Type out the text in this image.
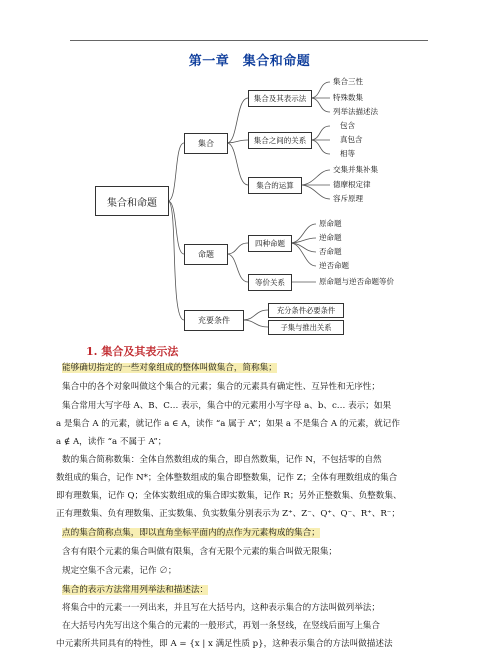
第一章　集合和命题
集合和命题
集合
命题
充要条件
集合及其表示法
集合之间的关系
集合的运算
四种命题
等价关系
充分条件必要条件
子集与推出关系
集合三性
特殊数集
列举法描述法
包含
真包含
相等
交集并集补集
德摩根定律
容斥原理
原命题
逆命题
否命题
逆否命题
原命题与逆否命题等价
1. 集合及其表示法
能够确切指定的一些对象组成的整体叫做集合，简称集；
集合中的各个对象叫做这个集合的元素；集合的元素具有确定性、互异性和无序性；
集合常用大写字母 A、B、C… 表示，集合中的元素用小写字母 a、b、c… 表示；如果
a 是集合 A 的元素，就记作 a ∈ A，读作 “a 属于 A”；如果 a 不是集合 A 的元素，就记作
a ∉ A，读作 “a 不属于 A”；
数的集合简称数集：全体自然数组成的集合，即自然数集，记作 N，不包括零的自然
数组成的集合，记作 N*；全体整数组成的集合即整数集，记作 Z；全体有理数组成的集合
即有理数集，记作 Q；全体实数组成的集合即实数集，记作 R；另外正整数集、负整数集、
正有理数集、负有理数集、正实数集、负实数集分别表示为 Z⁺、Z⁻、Q⁺、Q⁻、R⁺、R⁻；
点的集合简称点集，即以直角坐标平面内的点作为元素构成的集合；
含有有限个元素的集合叫做有限集，含有无限个元素的集合叫做无限集；
规定空集不含元素，记作 ∅；
集合的表示方法常用列举法和描述法：
将集合中的元素一一列出来，并且写在大括号内，这种表示集合的方法叫做列举法；
在大括号内先写出这个集合的元素的一般形式，再划一条竖线，在竖线后面写上集合
中元素所共同具有的特性，即 A = {x | x 满足性质 p}，这种表示集合的方法叫做描述法
